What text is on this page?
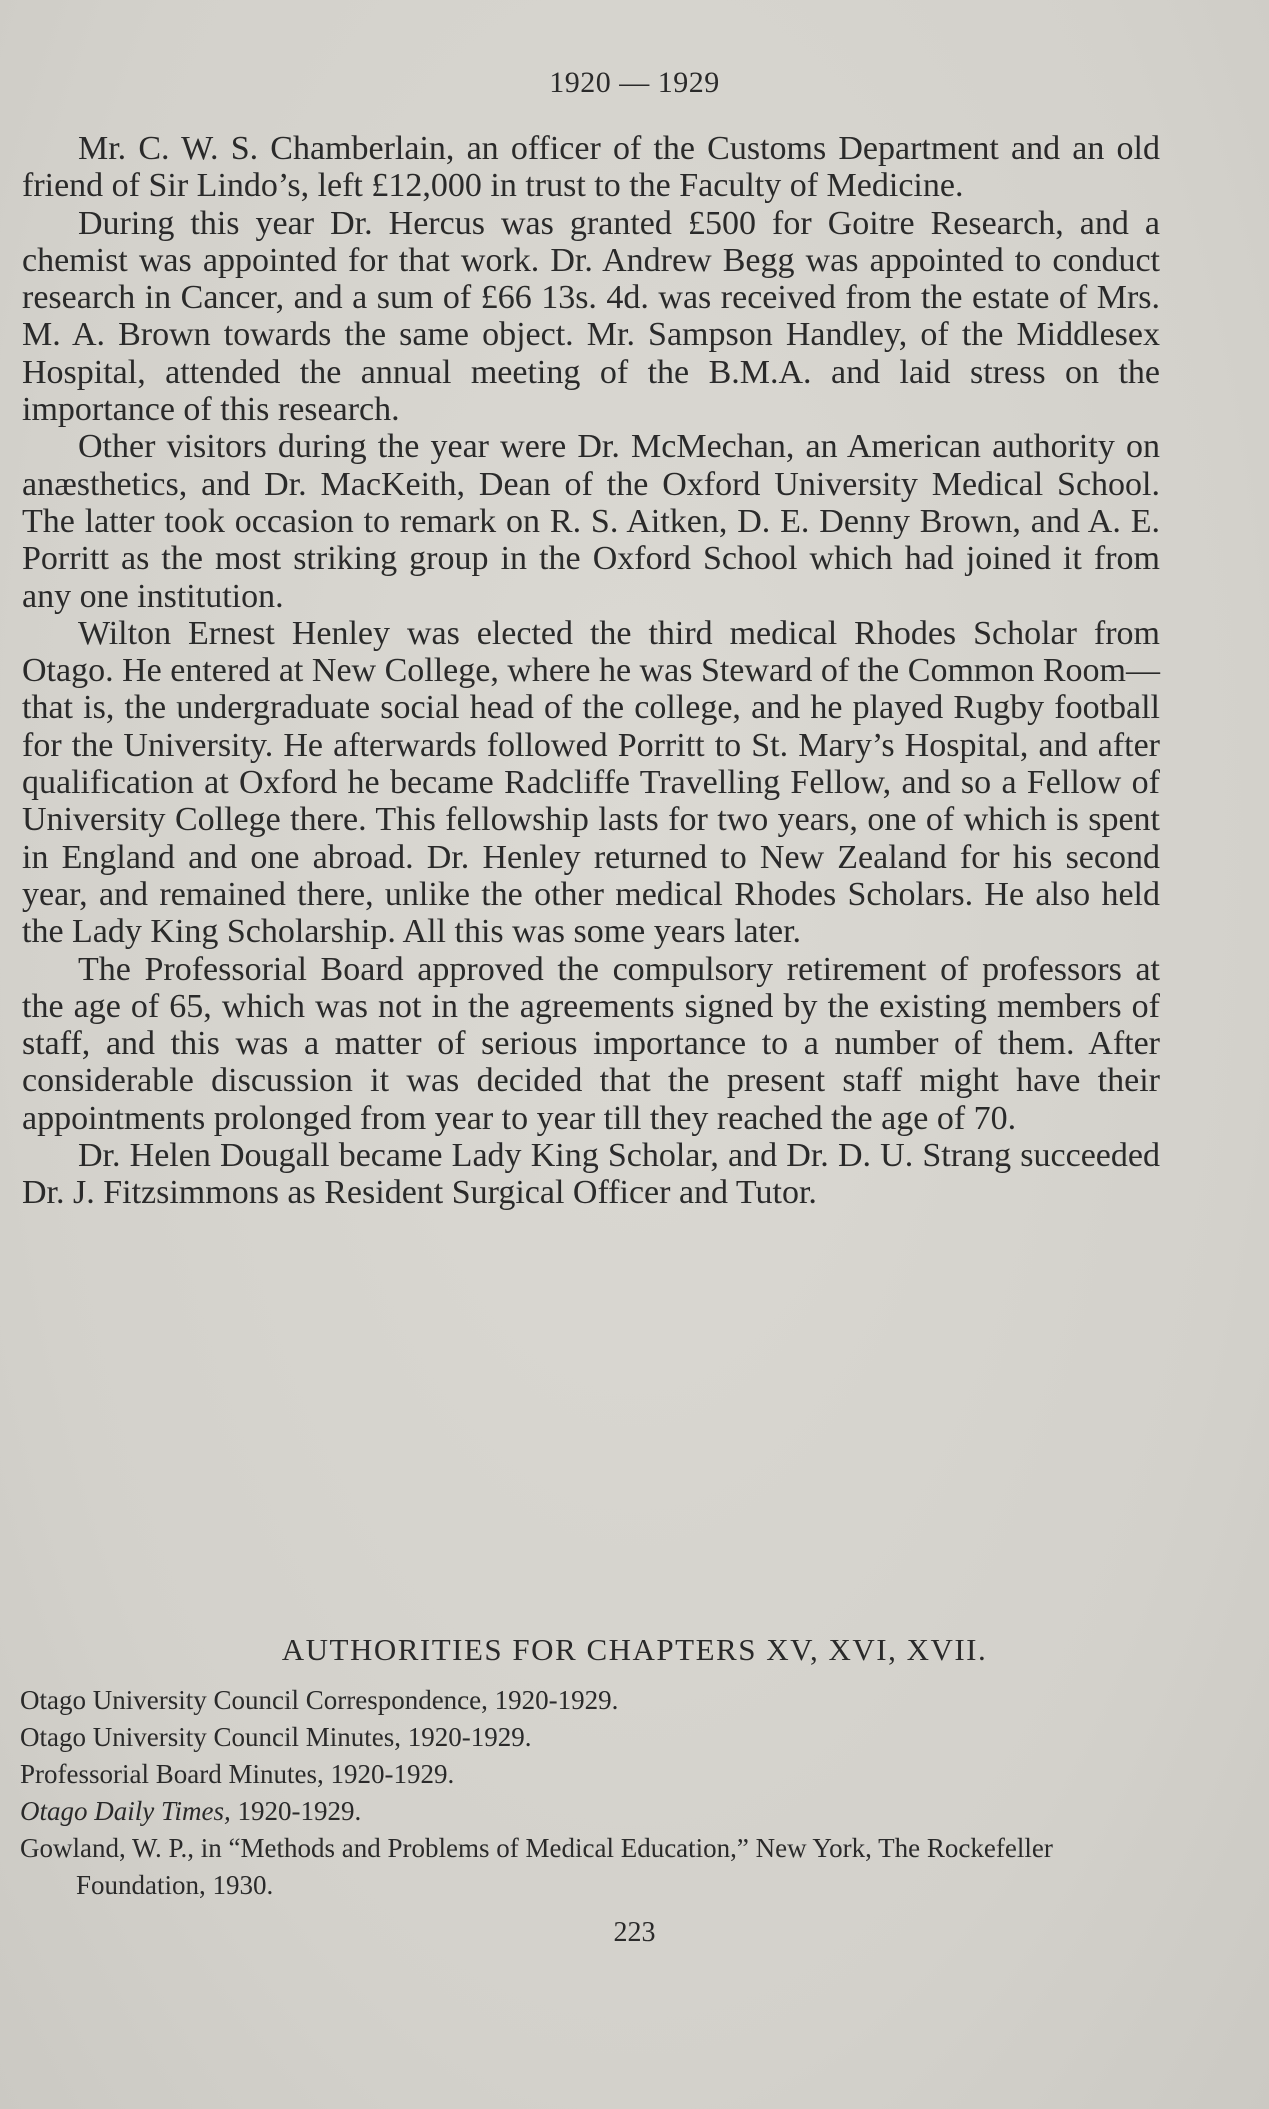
1920 — 1929

Mr. C. W. S. Chamberlain, an officer of the Customs Department and an old friend of Sir Lindo’s, left £12,000 in trust to the Faculty of Medicine.

During this year Dr. Hercus was granted £500 for Goitre Research, and a chemist was appointed for that work. Dr. Andrew Begg was appointed to conduct research in Cancer, and a sum of £66 13s. 4d. was received from the estate of Mrs. M. A. Brown towards the same object. Mr. Sampson Handley, of the Middlesex Hospital, attended the annual meeting of the B.M.A. and laid stress on the importance of this research.

Other visitors during the year were Dr. McMechan, an American authority on anæsthetics, and Dr. MacKeith, Dean of the Oxford University Medical School. The latter took occasion to remark on R. S. Aitken, D. E. Denny Brown, and A. E. Porritt as the most striking group in the Oxford School which had joined it from any one institution.

Wilton Ernest Henley was elected the third medical Rhodes Scholar from Otago. He entered at New College, where he was Steward of the Common Room—that is, the undergraduate social head of the college, and he played Rugby football for the University. He afterwards followed Porritt to St. Mary’s Hospital, and after qualification at Oxford he became Radcliffe Travelling Fellow, and so a Fellow of University College there. This fellowship lasts for two years, one of which is spent in England and one abroad. Dr. Henley returned to New Zealand for his second year, and remained there, unlike the other medical Rhodes Scholars. He also held the Lady King Scholarship. All this was some years later.

The Professorial Board approved the compulsory retirement of professors at the age of 65, which was not in the agreements signed by the existing members of staff, and this was a matter of serious importance to a number of them. After considerable discussion it was decided that the present staff might have their appointments prolonged from year to year till they reached the age of 70.

Dr. Helen Dougall became Lady King Scholar, and Dr. D. U. Strang succeeded Dr. J. Fitzsimmons as Resident Surgical Officer and Tutor.

AUTHORITIES FOR CHAPTERS XV, XVI, XVII.
Otago University Council Correspondence, 1920-1929.
Otago University Council Minutes, 1920-1929.
Professorial Board Minutes, 1920-1929.
Otago Daily Times, 1920-1929.
Gowland, W. P., in “Methods and Problems of Medical Education,” New York, The Rockefeller Foundation, 1930.
223
